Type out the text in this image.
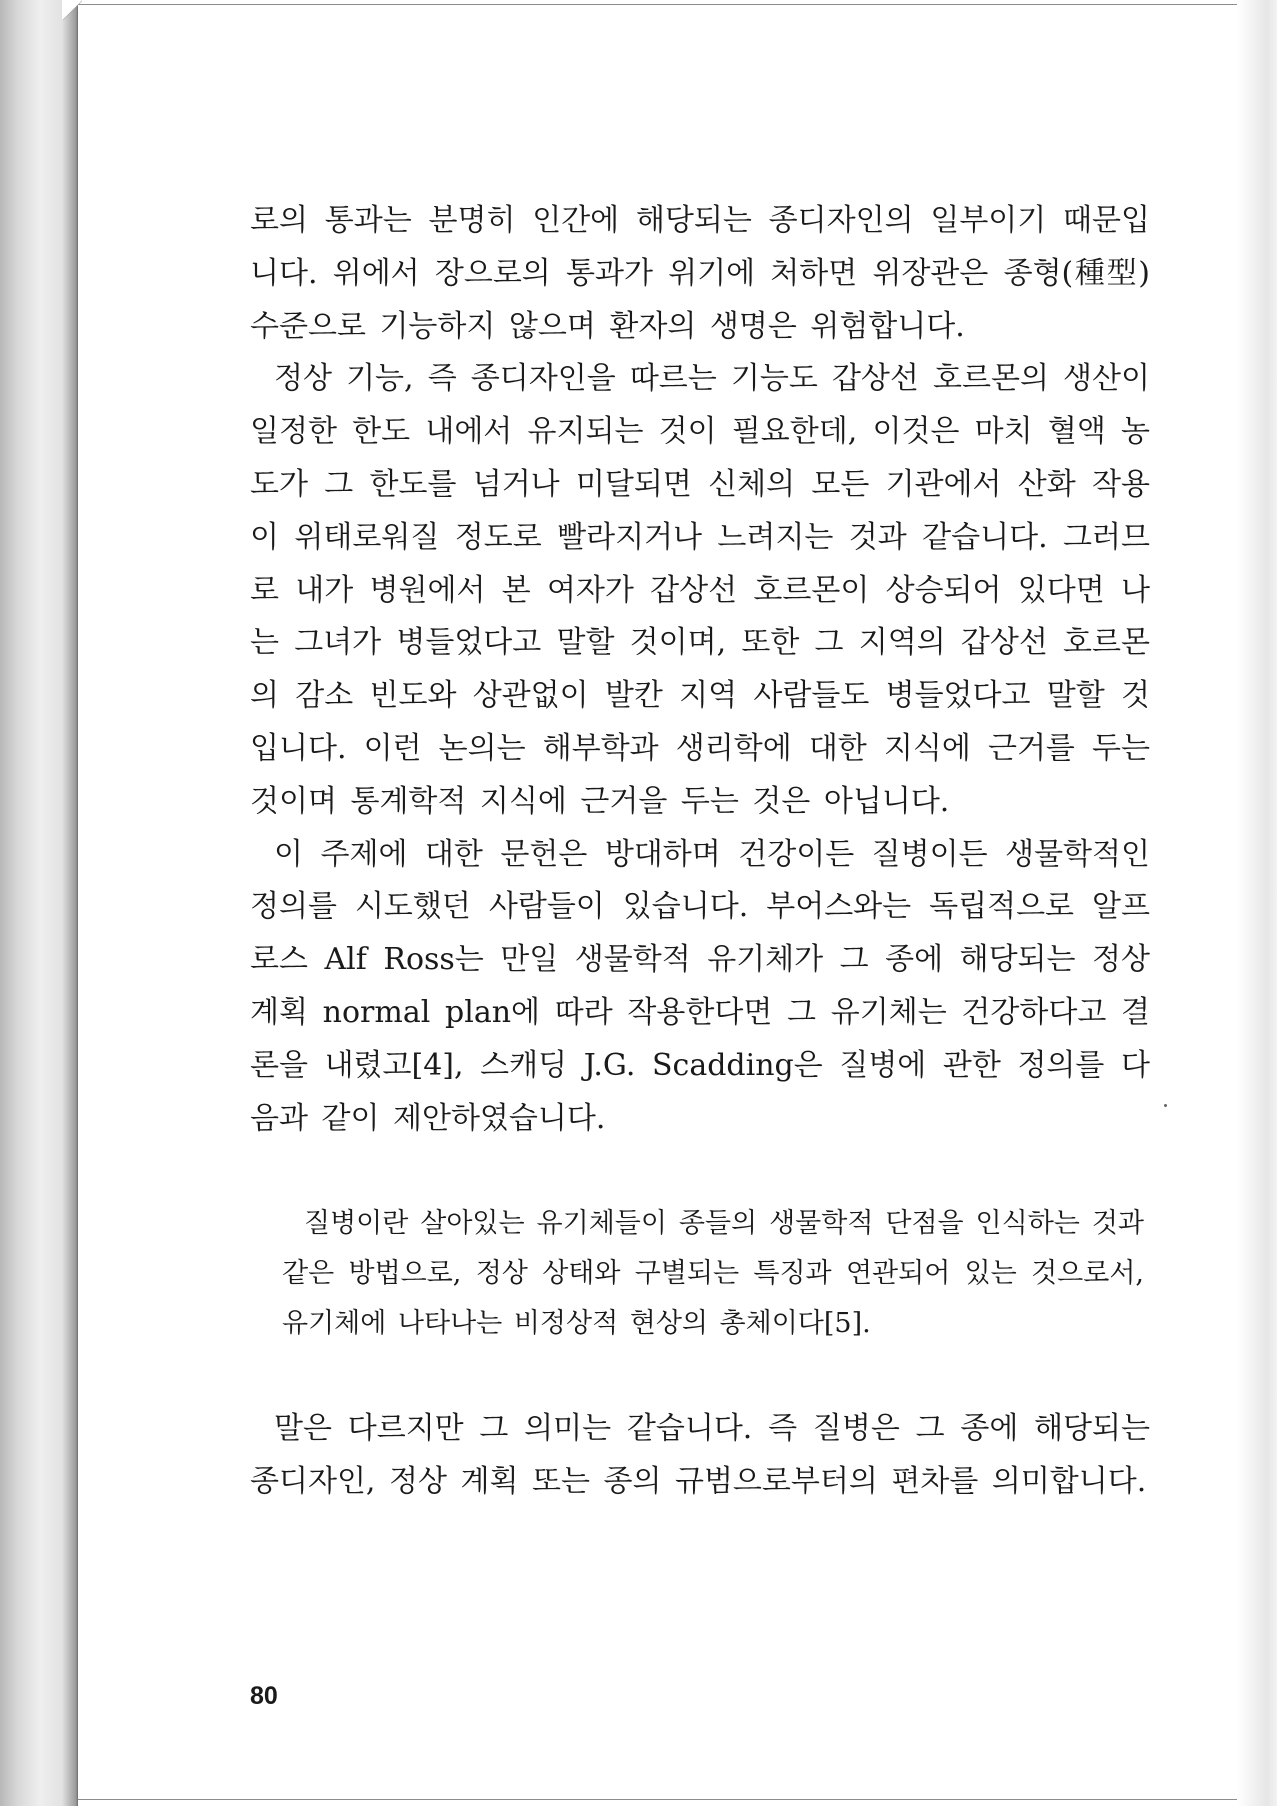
로의 통과는 분명히 인간에 해당되는 종디자인의 일부이기 때문입니다. 위에서 장으로의 통과가 위기에 처하면 위장관은 종형(種型) 수준으로 기능하지 않으며 환자의 생명은 위험합니다.

정상 기능, 즉 종디자인을 따르는 기능도 갑상선 호르몬의 생산이 일정한 한도 내에서 유지되는 것이 필요한데, 이것은 마치 혈액 농도가 그 한도를 넘거나 미달되면 신체의 모든 기관에서 산화 작용이 위태로워질 정도로 빨라지거나 느려지는 것과 같습니다. 그러므로 내가 병원에서 본 여자가 갑상선 호르몬이 상승되어 있다면 나는 그녀가 병들었다고 말할 것이며, 또한 그 지역의 갑상선 호르몬의 감소 빈도와 상관없이 발칸 지역 사람들도 병들었다고 말할 것입니다. 이런 논의는 해부학과 생리학에 대한 지식에 근거를 두는 것이며 통계학적 지식에 근거을 두는 것은 아닙니다.

이 주제에 대한 문헌은 방대하며 건강이든 질병이든 생물학적인 정의를 시도했던 사람들이 있습니다. 부어스와는 독립적으로 알프 로스 Alf Ross는 만일 생물학적 유기체가 그 종에 해당되는 정상 계획 normal plan에 따라 작용한다면 그 유기체는 건강하다고 결론을 내렸고[4], 스캐딩 J.G. Scadding은 질병에 관한 정의를 다음과 같이 제안하였습니다.

질병이란 살아있는 유기체들이 종들의 생물학적 단점을 인식하는 것과 같은 방법으로, 정상 상태와 구별되는 특징과 연관되어 있는 것으로서, 유기체에 나타나는 비정상적 현상의 총체이다[5].

말은 다르지만 그 의미는 같습니다. 즉 질병은 그 종에 해당되는 종디자인, 정상 계획 또는 종의 규범으로부터의 편차를 의미합니다.

80
